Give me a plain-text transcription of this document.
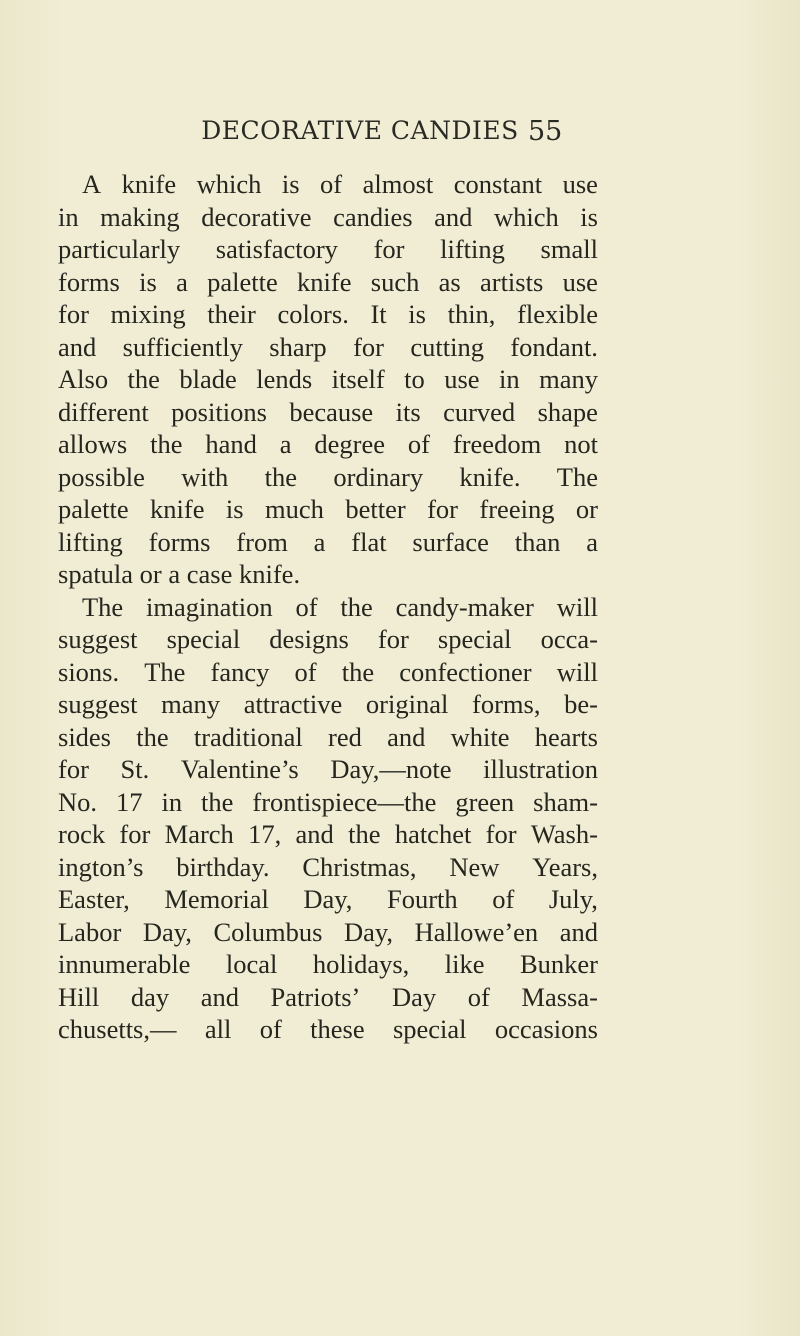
DECORATIVE CANDIES 55
A knife which is of almost constant use
in making decorative candies and which is
particularly satisfactory for lifting small
forms is a palette knife such as artists use
for mixing their colors. It is thin, flexible
and sufficiently sharp for cutting fondant.
Also the blade lends itself to use in many
different positions because its curved shape
allows the hand a degree of freedom not
possible with the ordinary knife. The
palette knife is much better for freeing or
lifting forms from a flat surface than a
spatula or a case knife.
The imagination of the candy-maker will
suggest special designs for special occa-
sions. The fancy of the confectioner will
suggest many attractive original forms, be-
sides the traditional red and white hearts
for St. Valentine’s Day,—note illustration
No. 17 in the frontispiece—the green sham-
rock for March 17, and the hatchet for Wash-
ington’s birthday. Christmas, New Years,
Easter, Memorial Day, Fourth of July,
Labor Day, Columbus Day, Hallowe’en and
innumerable local holidays, like Bunker
Hill day and Patriots’ Day of Massa-
chusetts,— all of these special occasions
